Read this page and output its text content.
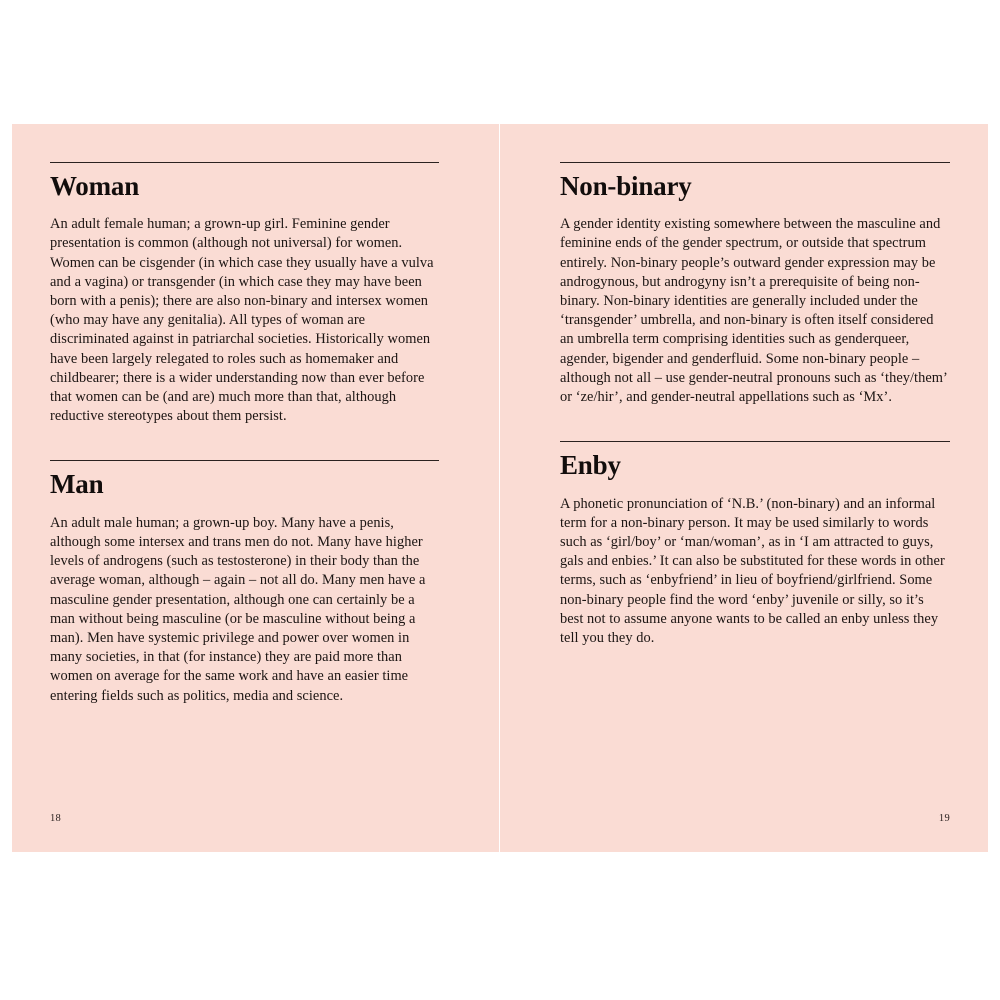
Woman

An adult female human; a grown-up girl. Feminine gender presentation is common (although not universal) for women. Women can be cisgender (in which case they usually have a vulva and a vagina) or transgender (in which case they may have been born with a penis); there are also non-binary and intersex women (who may have any genitalia). All types of woman are discriminated against in patriarchal societies. Historically women have been largely relegated to roles such as homemaker and childbearer; there is a wider understanding now than ever before that women can be (and are) much more than that, although reductive stereotypes about them persist.

Man

An adult male human; a grown-up boy. Many have a penis, although some intersex and trans men do not. Many have higher levels of androgens (such as testosterone) in their body than the average woman, although – again – not all do. Many men have a masculine gender presentation, although one can certainly be a man without being masculine (or be masculine without being a man). Men have systemic privilege and power over women in many societies, in that (for instance) they are paid more than women on average for the same work and have an easier time entering fields such as politics, media and science.

18
Non-binary

A gender identity existing somewhere between the masculine and feminine ends of the gender spectrum, or outside that spectrum entirely. Non-binary people’s outward gender expression may be androgynous, but androgyny isn’t a prerequisite of being non-binary. Non-binary identities are generally included under the ‘transgender’ umbrella, and non-binary is often itself considered an umbrella term comprising identities such as genderqueer, agender, bigender and genderfluid. Some non-binary people – although not all – use gender-neutral pronouns such as ‘they/them’ or ‘ze/hir’, and gender-neutral appellations such as ‘Mx’.

Enby

A phonetic pronunciation of ‘N.B.’ (non-binary) and an informal term for a non-binary person. It may be used similarly to words such as ‘girl/boy’ or ‘man/woman’, as in ‘I am attracted to guys, gals and enbies.’ It can also be substituted for these words in other terms, such as ‘enbyfriend’ in lieu of boyfriend/girlfriend. Some non-binary people find the word ‘enby’ juvenile or silly, so it’s best not to assume anyone wants to be called an enby unless they tell you they do.

19
